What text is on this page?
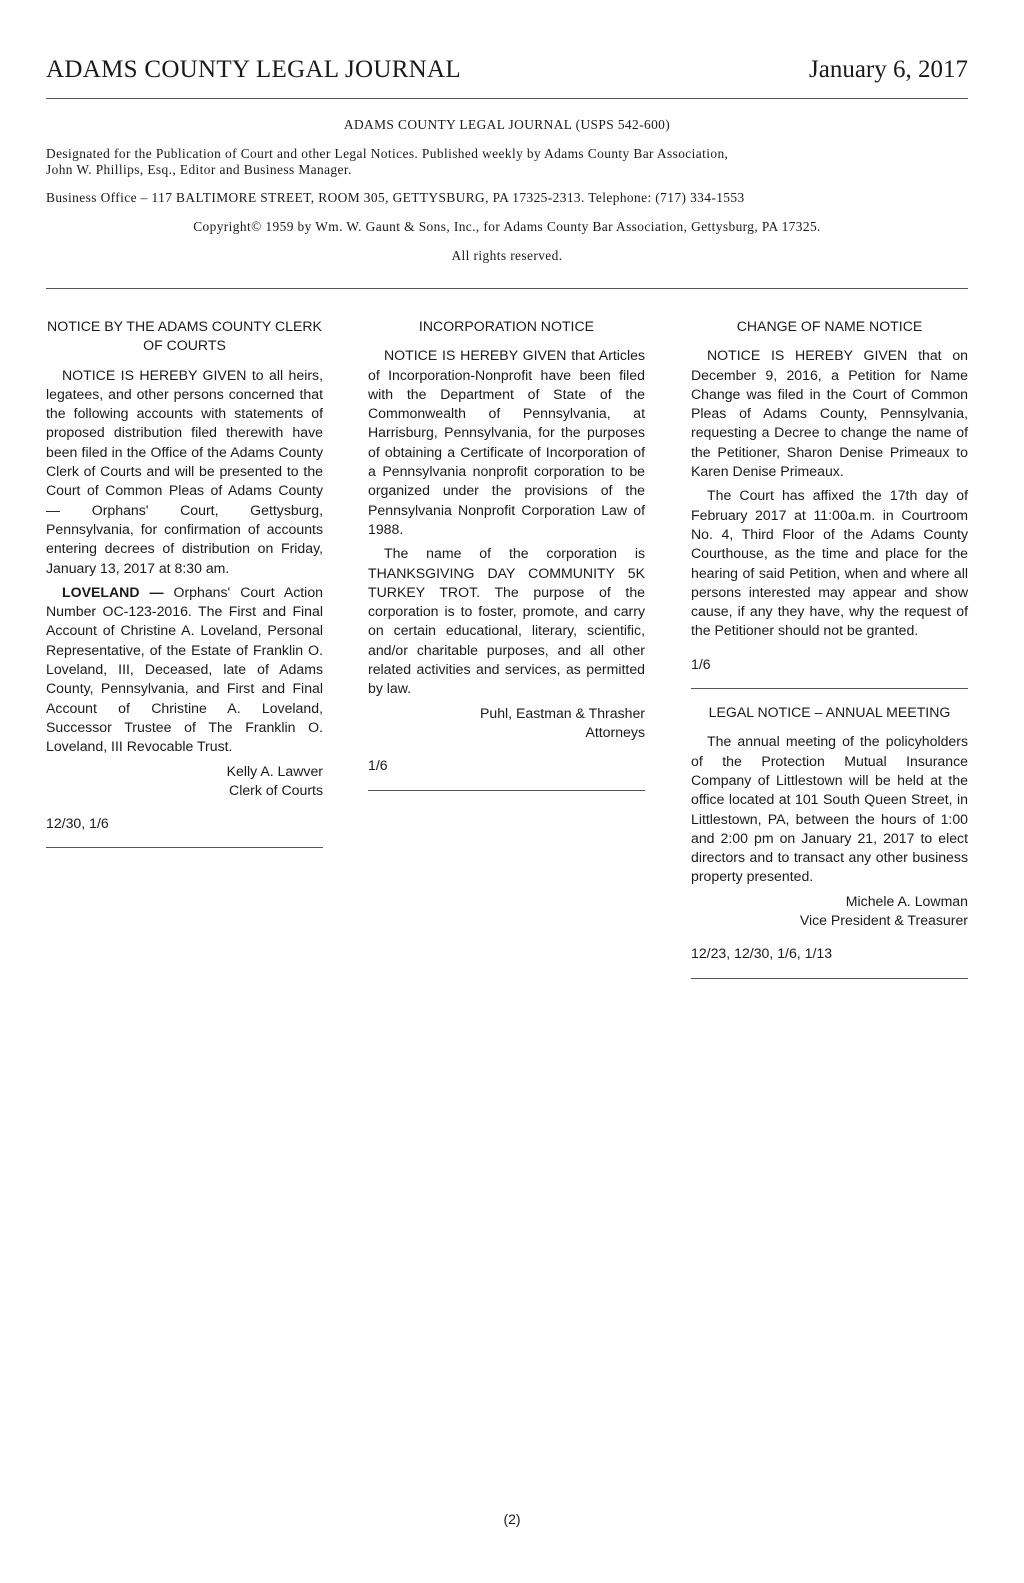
ADAMS COUNTY LEGAL JOURNAL	January 6, 2017

ADAMS COUNTY LEGAL JOURNAL (USPS 542-600)

Designated for the Publication of Court and other Legal Notices. Published weekly by Adams County Bar Association,
John W. Phillips, Esq., Editor and Business Manager.

Business Office – 117 BALTIMORE STREET, ROOM 305, GETTYSBURG, PA 17325-2313. Telephone: (717) 334-1553

Copyright© 1959 by Wm. W. Gaunt & Sons, Inc., for Adams County Bar Association, Gettysburg, PA 17325.

All rights reserved.

NOTICE BY THE ADAMS COUNTY CLERK OF COURTS

NOTICE IS HEREBY GIVEN to all heirs, legatees, and other persons concerned that the following accounts with statements of proposed distribution filed therewith have been filed in the Office of the Adams County Clerk of Courts and will be presented to the Court of Common Pleas of Adams County — Orphans' Court, Gettysburg, Pennsylvania, for confirmation of accounts entering decrees of distribution on Friday, January 13, 2017 at 8:30 am.

LOVELAND — Orphans' Court Action Number OC-123-2016. The First and Final Account of Christine A. Loveland, Personal Representative, of the Estate of Franklin O. Loveland, III, Deceased, late of Adams County, Pennsylvania, and First and Final Account of Christine A. Loveland, Successor Trustee of The Franklin O. Loveland, III Revocable Trust.

Kelly A. Lawver
Clerk of Courts

12/30, 1/6

INCORPORATION NOTICE

NOTICE IS HEREBY GIVEN that Articles of Incorporation-Nonprofit have been filed with the Department of State of the Commonwealth of Pennsylvania, at Harrisburg, Pennsylvania, for the purposes of obtaining a Certificate of Incorporation of a Pennsylvania nonprofit corporation to be organized under the provisions of the Pennsylvania Nonprofit Corporation Law of 1988.

The name of the corporation is THANKSGIVING DAY COMMUNITY 5K TURKEY TROT. The purpose of the corporation is to foster, promote, and carry on certain educational, literary, scientific, and/or charitable purposes, and all other related activities and services, as permitted by law.

Puhl, Eastman & Thrasher
Attorneys

1/6

CHANGE OF NAME NOTICE

NOTICE IS HEREBY GIVEN that on December 9, 2016, a Petition for Name Change was filed in the Court of Common Pleas of Adams County, Pennsylvania, requesting a Decree to change the name of the Petitioner, Sharon Denise Primeaux to Karen Denise Primeaux.

The Court has affixed the 17th day of February 2017 at 11:00a.m. in Courtroom No. 4, Third Floor of the Adams County Courthouse, as the time and place for the hearing of said Petition, when and where all persons interested may appear and show cause, if any they have, why the request of the Petitioner should not be granted.

1/6

LEGAL NOTICE – ANNUAL MEETING

The annual meeting of the policyholders of the Protection Mutual Insurance Company of Littlestown will be held at the office located at 101 South Queen Street, in Littlestown, PA, between the hours of 1:00 and 2:00 pm on January 21, 2017 to elect directors and to transact any other business property presented.

Michele A. Lowman
Vice President & Treasurer

12/23, 12/30, 1/6, 1/13

(2)
